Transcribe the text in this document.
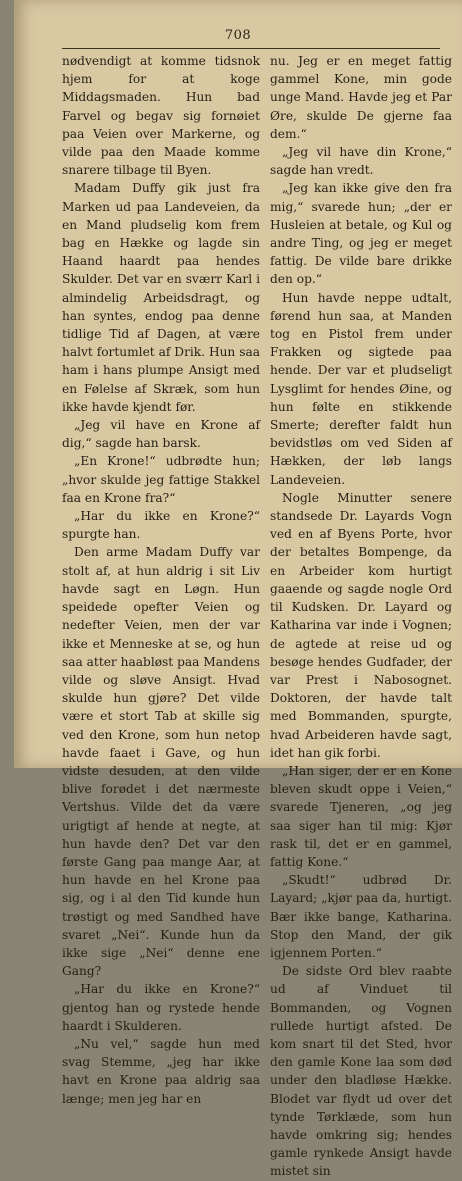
708

nødvendigt at komme tidsnok hjem for at koge Middagsmaden. Hun bad Farvel og begav sig fornøiet paa Veien over Markerne, og vilde paa den Maade komme snarere tilbage til Byen.

Madam Duffy gik just fra Marken ud paa Landeveien, da en Mand pludselig kom frem bag en Hække og lagde sin Haand haardt paa hendes Skulder. Det var en sværr Karl i almindelig Arbeidsdragt, og han syntes, endog paa denne tidlige Tid af Dagen, at være halvt fortumlet af Drik. Hun saa ham i hans plumpe Ansigt med en Følelse af Skræk, som hun ikke havde kjendt før.

„Jeg vil have en Krone af dig,“ sagde han barsk.

„En Krone!“ udbrødte hun; „hvor skulde jeg fattige Stakkel faa en Krone fra?“

„Har du ikke en Krone?“ spurgte han.

Den arme Madam Duffy var stolt af, at hun aldrig i sit Liv havde sagt en Løgn. Hun speidede opefter Veien og nedefter Veien, men der var ikke et Menneske at se, og hun saa atter haabløst paa Mandens vilde og sløve Ansigt. Hvad skulde hun gjøre? Det vilde være et stort Tab at skille sig ved den Krone, som hun netop havde faaet i Gave, og hun vidste desuden, at den vilde blive forødet i det nærmeste Vertshus. Vilde det da være urigtigt af hende at negte, at hun havde den? Det var den første Gang paa mange Aar, at hun havde en hel Krone paa sig, og i al den Tid kunde hun trøstigt og med Sandhed have svaret „Nei“. Kunde hun da ikke sige „Nei“ denne ene Gang?

„Har du ikke en Krone?“ gjentog han og rystede hende haardt i Skulderen.

„Nu vel,“ sagde hun med svag Stemme, „jeg har ikke havt en Krone paa aldrig saa længe; men jeg har en

nu. Jeg er en meget fattig gammel Kone, min gode unge Mand. Havde jeg et Par Øre, skulde De gjerne faa dem.“

„Jeg vil have din Krone,“ sagde han vredt.

„Jeg kan ikke give den fra mig,“ svarede hun; „der er Husleien at betale, og Kul og andre Ting, og jeg er meget fattig. De vilde bare drikke den op.“

Hun havde neppe udtalt, førend hun saa, at Manden tog en Pistol frem under Frakken og sigtede paa hende. Der var et pludseligt Lysglimt for hendes Øine, og hun følte en stikkende Smerte; derefter faldt hun bevidstløs om ved Siden af Hækken, der løb langs Landeveien.

Nogle Minutter senere standsede Dr. Layards Vogn ved en af Byens Porte, hvor der betaltes Bompenge, da en Arbeider kom hurtigt gaaende og sagde nogle Ord til Kudsken. Dr. Layard og Katharina var inde i Vognen; de agtede at reise ud og besøge hendes Gudfader, der var Prest i Nabosognet. Doktoren, der havde talt med Bommanden, spurgte, hvad Arbeideren havde sagt, idet han gik forbi.

„Han siger, der er en Kone bleven skudt oppe i Veien,“ svarede Tjeneren, „og jeg saa siger han til mig: Kjør rask til, det er en gammel, fattig Kone.“

„Skudt!“ udbrød Dr. Layard; „kjør paa da, hurtigt. Bær ikke bange, Katharina. Stop den Mand, der gik igjennem Porten.“

De sidste Ord blev raabte ud af Vinduet til Bommanden, og Vognen rullede hurtigt afsted. De kom snart til det Sted, hvor den gamle Kone laa som død under den bladløse Hække. Blodet var flydt ud over det tynde Tørklæde, som hun havde omkring sig; hendes gamle rynkede Ansigt havde mistet sin
